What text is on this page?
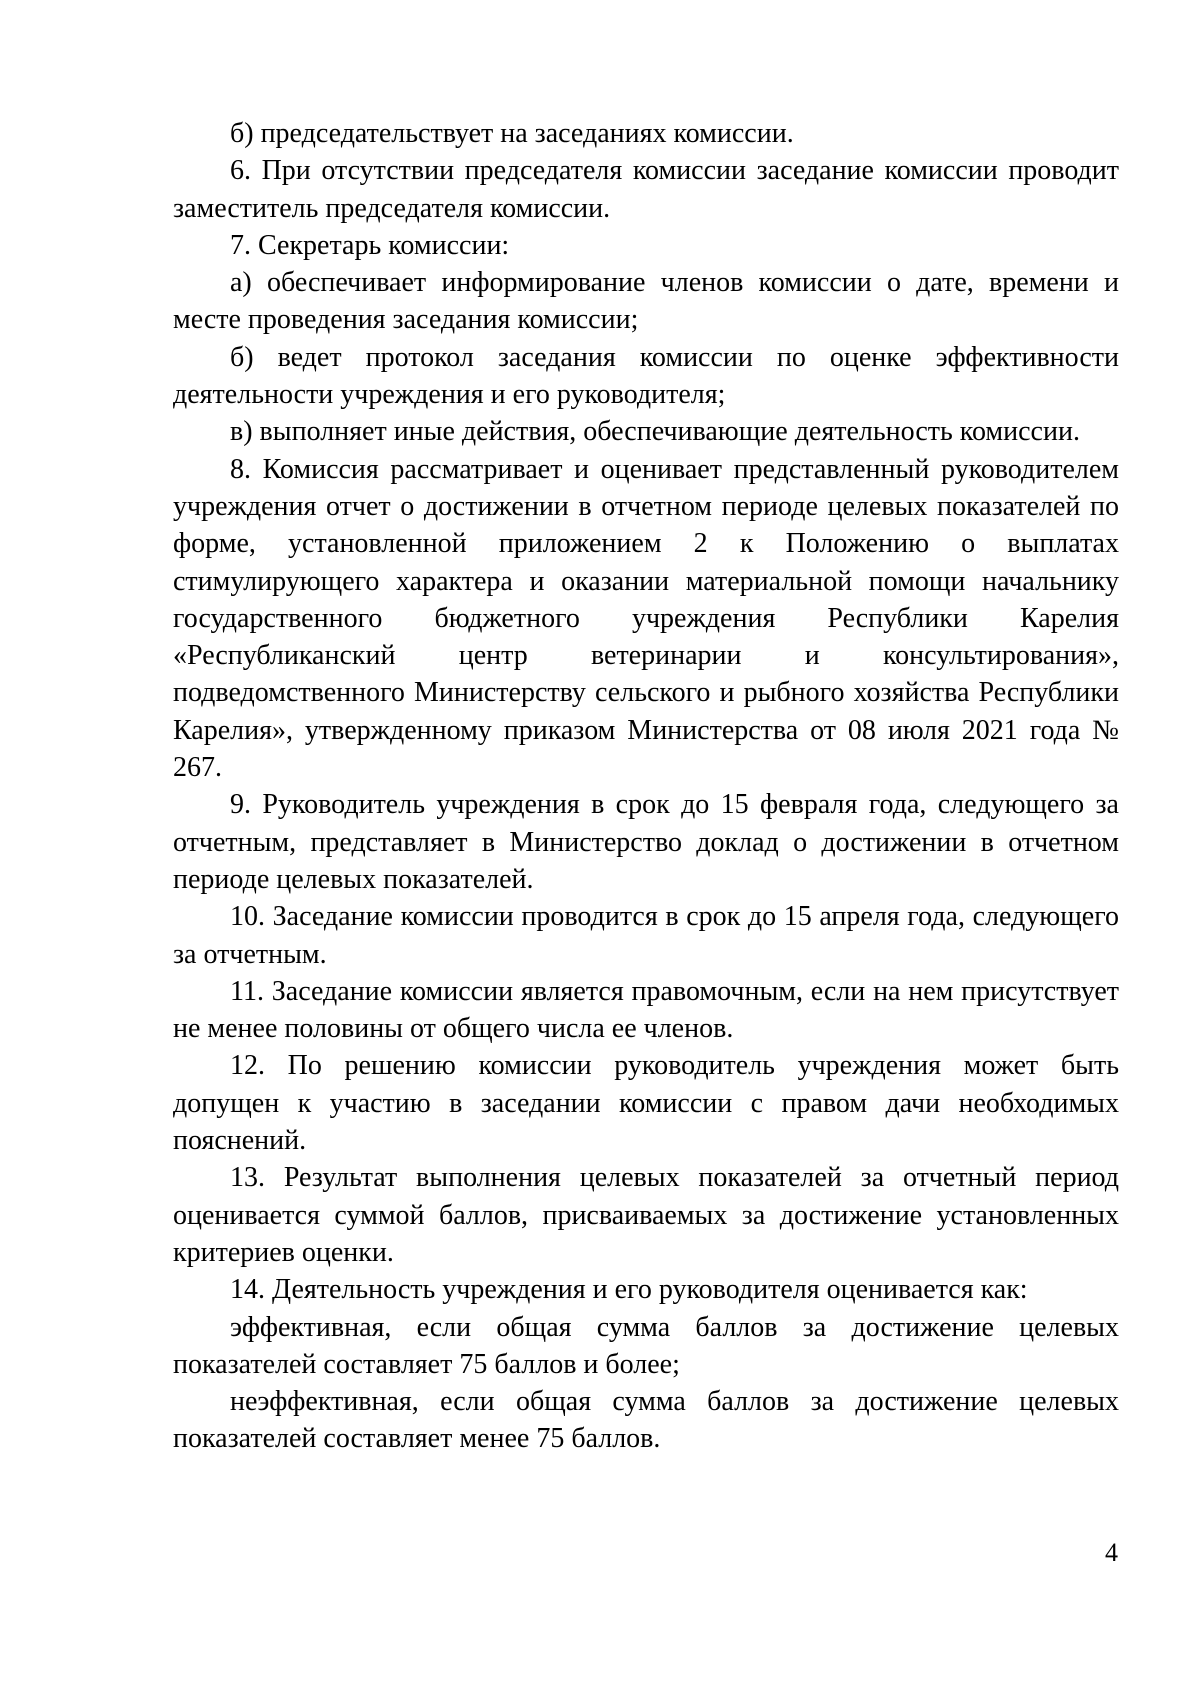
б) председательствует на заседаниях комиссии.

6. При отсутствии председателя комиссии заседание комиссии проводит заместитель председателя комиссии.

7. Секретарь комиссии:

а) обеспечивает информирование членов комиссии о дате, времени и месте проведения заседания комиссии;

б) ведет протокол заседания комиссии по оценке эффективности деятельности учреждения и его руководителя;

в) выполняет иные действия, обеспечивающие деятельность комиссии.

8. Комиссия рассматривает и оценивает представленный руководителем учреждения отчет о достижении в отчетном периоде целевых показателей по форме, установленной приложением 2 к Положению о выплатах стимулирующего характера и оказании материальной помощи начальнику государственного бюджетного учреждения Республики Карелия «Республиканский центр ветеринарии и консультирования», подведомственного Министерству сельского и рыбного хозяйства Республики Карелия», утвержденному приказом Министерства от 08 июля 2021 года № 267.

9. Руководитель учреждения в срок до 15 февраля года, следующего за отчетным, представляет в Министерство доклад о достижении в отчетном периоде целевых показателей.

10. Заседание комиссии проводится в срок до 15 апреля года, следующего за отчетным.

11. Заседание комиссии является правомочным, если на нем присутствует не менее половины от общего числа ее членов.

12. По решению комиссии руководитель учреждения может быть допущен к участию в заседании комиссии с правом дачи необходимых пояснений.

13. Результат выполнения целевых показателей за отчетный период оценивается суммой баллов, присваиваемых за достижение установленных критериев оценки.

14. Деятельность учреждения и его руководителя оценивается как:

эффективная, если общая сумма баллов за достижение целевых показателей составляет 75 баллов и более;

неэффективная, если общая сумма баллов за достижение целевых показателей составляет менее 75 баллов.

4
